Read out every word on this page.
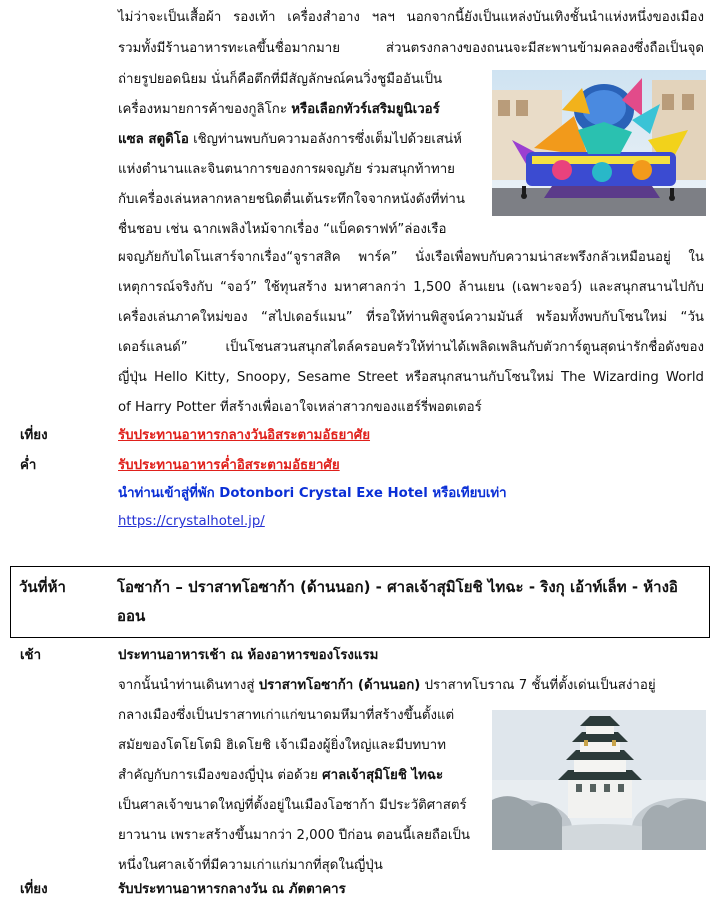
ไม่ว่าจะเป็นเสื้อผ้า รองเท้า เครื่องสำอาง ฯลฯ นอกจากนี้ยังเป็นแหล่งบันเทิงชั้นนำแห่งหนึ่งของเมือง
รวมทั้งมีร้านอาหารทะเลขึ้นชื่อมากมาย ส่วนตรงกลางของถนนจะมีสะพานข้ามคลองซึ่งถือเป็นจุด
ถ่ายรูปยอดนิยม นั่นก็คือตึกที่มีสัญลักษณ์คนวิ่งชูมืออันเป็น
เครื่องหมายการค้าของกูลิโกะ หรือเลือกทัวร์เสริมยูนิเวอร์
แซล สตูดิโอ เชิญท่านพบกับความอลังการซึ่งเต็มไปด้วยเสน่ห์
แห่งตำนานและจินตนาการของการผจญภัย ร่วมสนุกท้าทาย
กับเครื่องเล่นหลากหลายชนิดตื่นเต้นระทึกใจจากหนังดังที่ท่าน
ชื่นชอบ เช่น ฉากเพลิงไหม้จากเรื่อง “แบ็คดราฟท์”ล่องเรือ
ผจญภัยกับไดโนเสาร์จากเรื่อง“จูราสสิค พาร์ค” นั่งเรือเพื่อพบกับความน่าสะพรึงกลัวเหมือนอยู่ ใน
เหตุการณ์จริงกับ “จอว์” ใช้ทุนสร้าง มหาศาลกว่า 1,500 ล้านเยน (เฉพาะจอว์) และสนุกสนานไปกับ
เครื่องเล่นภาคใหม่ของ “สไปเดอร์แมน” ที่รอให้ท่านพิสูจน์ความมันส์ พร้อมทั้งพบกับโซนใหม่ “วัน
เดอร์แลนด์” เป็นโซนสวนสนุกสไตล์ครอบครัวให้ท่านได้เพลิดเพลินกับตัวการ์ตูนสุดน่ารักชื่อดังของ
ญี่ปุ่น Hello Kitty, Snoopy, Sesame Street หรือสนุกสนานกับโซนใหม่ The Wizarding World
of Harry Potter ที่สร้างเพื่อเอาใจเหล่าสาวกของแฮร์รี่พอตเตอร์
เที่ยง	รับประทานอาหารกลางวันอิสระตามอัธยาศัย
ค่ำ	รับประทานอาหารค่ำอิสระตามอัธยาศัย
นำท่านเข้าสู่ที่พัก Dotonbori Crystal Exe Hotel หรือเทียบเท่า
https://crystalhotel.jp/
วันที่ห้า	โอซาก้า – ปราสาทโอซาก้า (ด้านนอก) - ศาลเจ้าสุมิโยชิ ไทฉะ - ริงกุ เอ้าท์เล็ท - ห้างอิออน
เช้า	ประทานอาหารเช้า ณ ห้องอาหารของโรงแรม
จากนั้นนำท่านเดินทางสู่ ปราสาทโอซาก้า (ด้านนอก) ปราสาทโบราณ 7 ชั้นที่ตั้งเด่นเป็นสง่าอยู่
กลางเมืองซึ่งเป็นปราสาทเก่าแก่ขนาดมหึมาที่สร้างขึ้นตั้งแต่
สมัยของโตโยโตมิ ฮิเดโยชิ เจ้าเมืองผู้ยิ่งใหญ่และมีบทบาท
สำคัญกับการเมืองของญี่ปุ่น ต่อด้วย ศาลเจ้าสุมิโยชิ ไทฉะ
เป็นศาลเจ้าขนาดใหญ่ที่ตั้งอยู่ในเมืองโอซาก้า มีประวัติศาสตร์
ยาวนาน เพราะสร้างขึ้นมากว่า 2,000 ปีก่อน ตอนนี้เลยถือเป็น
หนึ่งในศาลเจ้าที่มีความเก่าแก่มากที่สุดในญี่ปุ่น
เที่ยง	รับประทานอาหารกลางวัน ณ ภัตตาคาร
